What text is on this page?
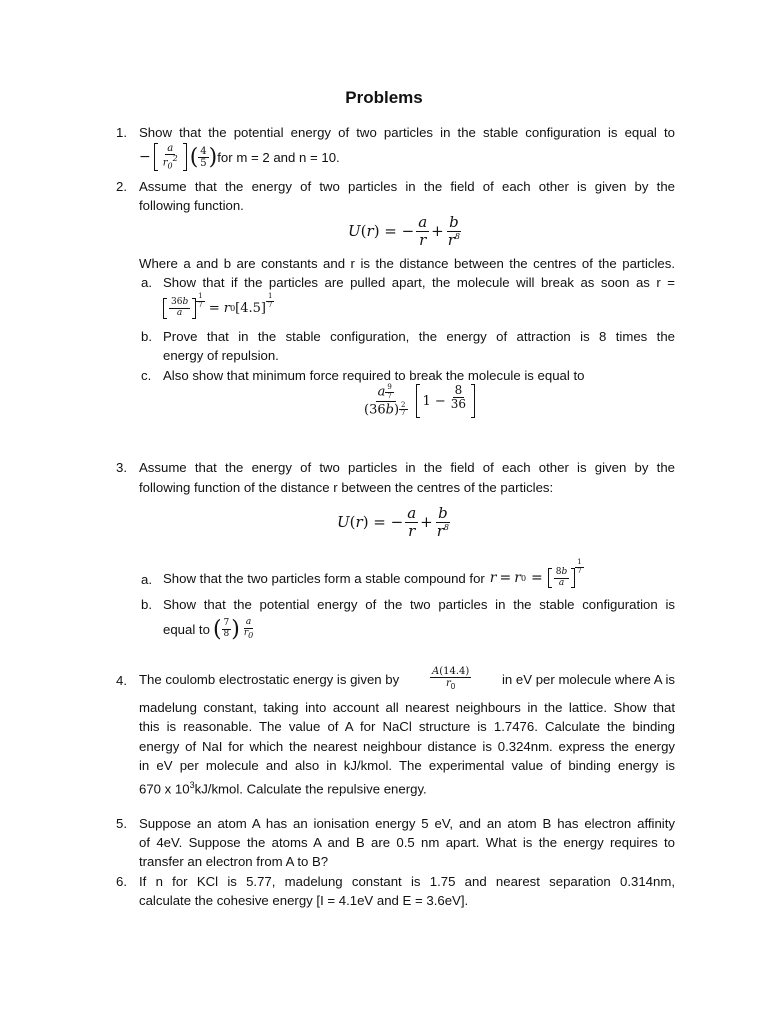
Problems
1. Show that the potential energy of two particles in the stable configuration is equal to
− $\frac{a}{r_0^2}$ ( $\frac{4}{5}$ ) for m = 2 and n = 10.
2. Assume that the energy of two particles in the field of each other is given by the
following function.
U ( r ) = − $\frac{a}{r} + \frac{b}{r^8}$
Where a and b are constants and r is the distance between the centres of the particles.
a. Show that if the particles are pulled apart, the molecule will break as soon as r =
$\frac{36b}{a} ^{\frac{1}{7}} = r$ 0 [4.5] $^{\frac{1}{7}}$
b. Prove that in the stable configuration, the energy of attraction is 8 times the
energy of repulsion.
c. Also show that minimum force required to break the molecule is equal to
$\frac{a \frac{9}{7}}{(36b) \frac{2}{7}} 1 - \frac{8}{36}$
3. Assume that the energy of two particles in the field of each other is given by the
following function of the distance r between the centres of the particles:
U ( r ) = − $\frac{a}{r} + \frac{b}{r^8}$
a. Show that the two particles form a stable compound for r = r $0 = \frac{8b}{a}$
$^{\frac{1}{7}}$
b. Show that the potential energy of the two particles in the stable configuration is
equal to ( $\frac{7}{8}$ ) $\frac{a}{r_0}$
4. The coulomb electrostatic energy is given by	$\frac{A(14.4)}{r_0}$ in eV per molecule where A is
madelung constant, taking into account all nearest neighbours in the lattice. Show that
this is reasonable. The value of A for NaCl structure is 1.7476. Calculate the binding
energy of NaI for which the nearest neighbour distance is 0.324nm. express the energy
in eV per molecule and also in kJ/kmol. The experimental value of binding energy is
670 x $10^3kJ$/kmol. Calculate the repulsive energy.
5. Suppose an atom A has an ionisation energy 5 eV, and an atom B has electron affinity
of 4eV. Suppose the atoms A and B are 0.5 nm apart. What is the energy requires to
transfer an electron from A to B?
6. If n for KCl is 5.77, madelung constant is 1.75 and nearest separation 0.314nm,
calculate the cohesive energy [I = 4.1eV and E = 3.6eV].
